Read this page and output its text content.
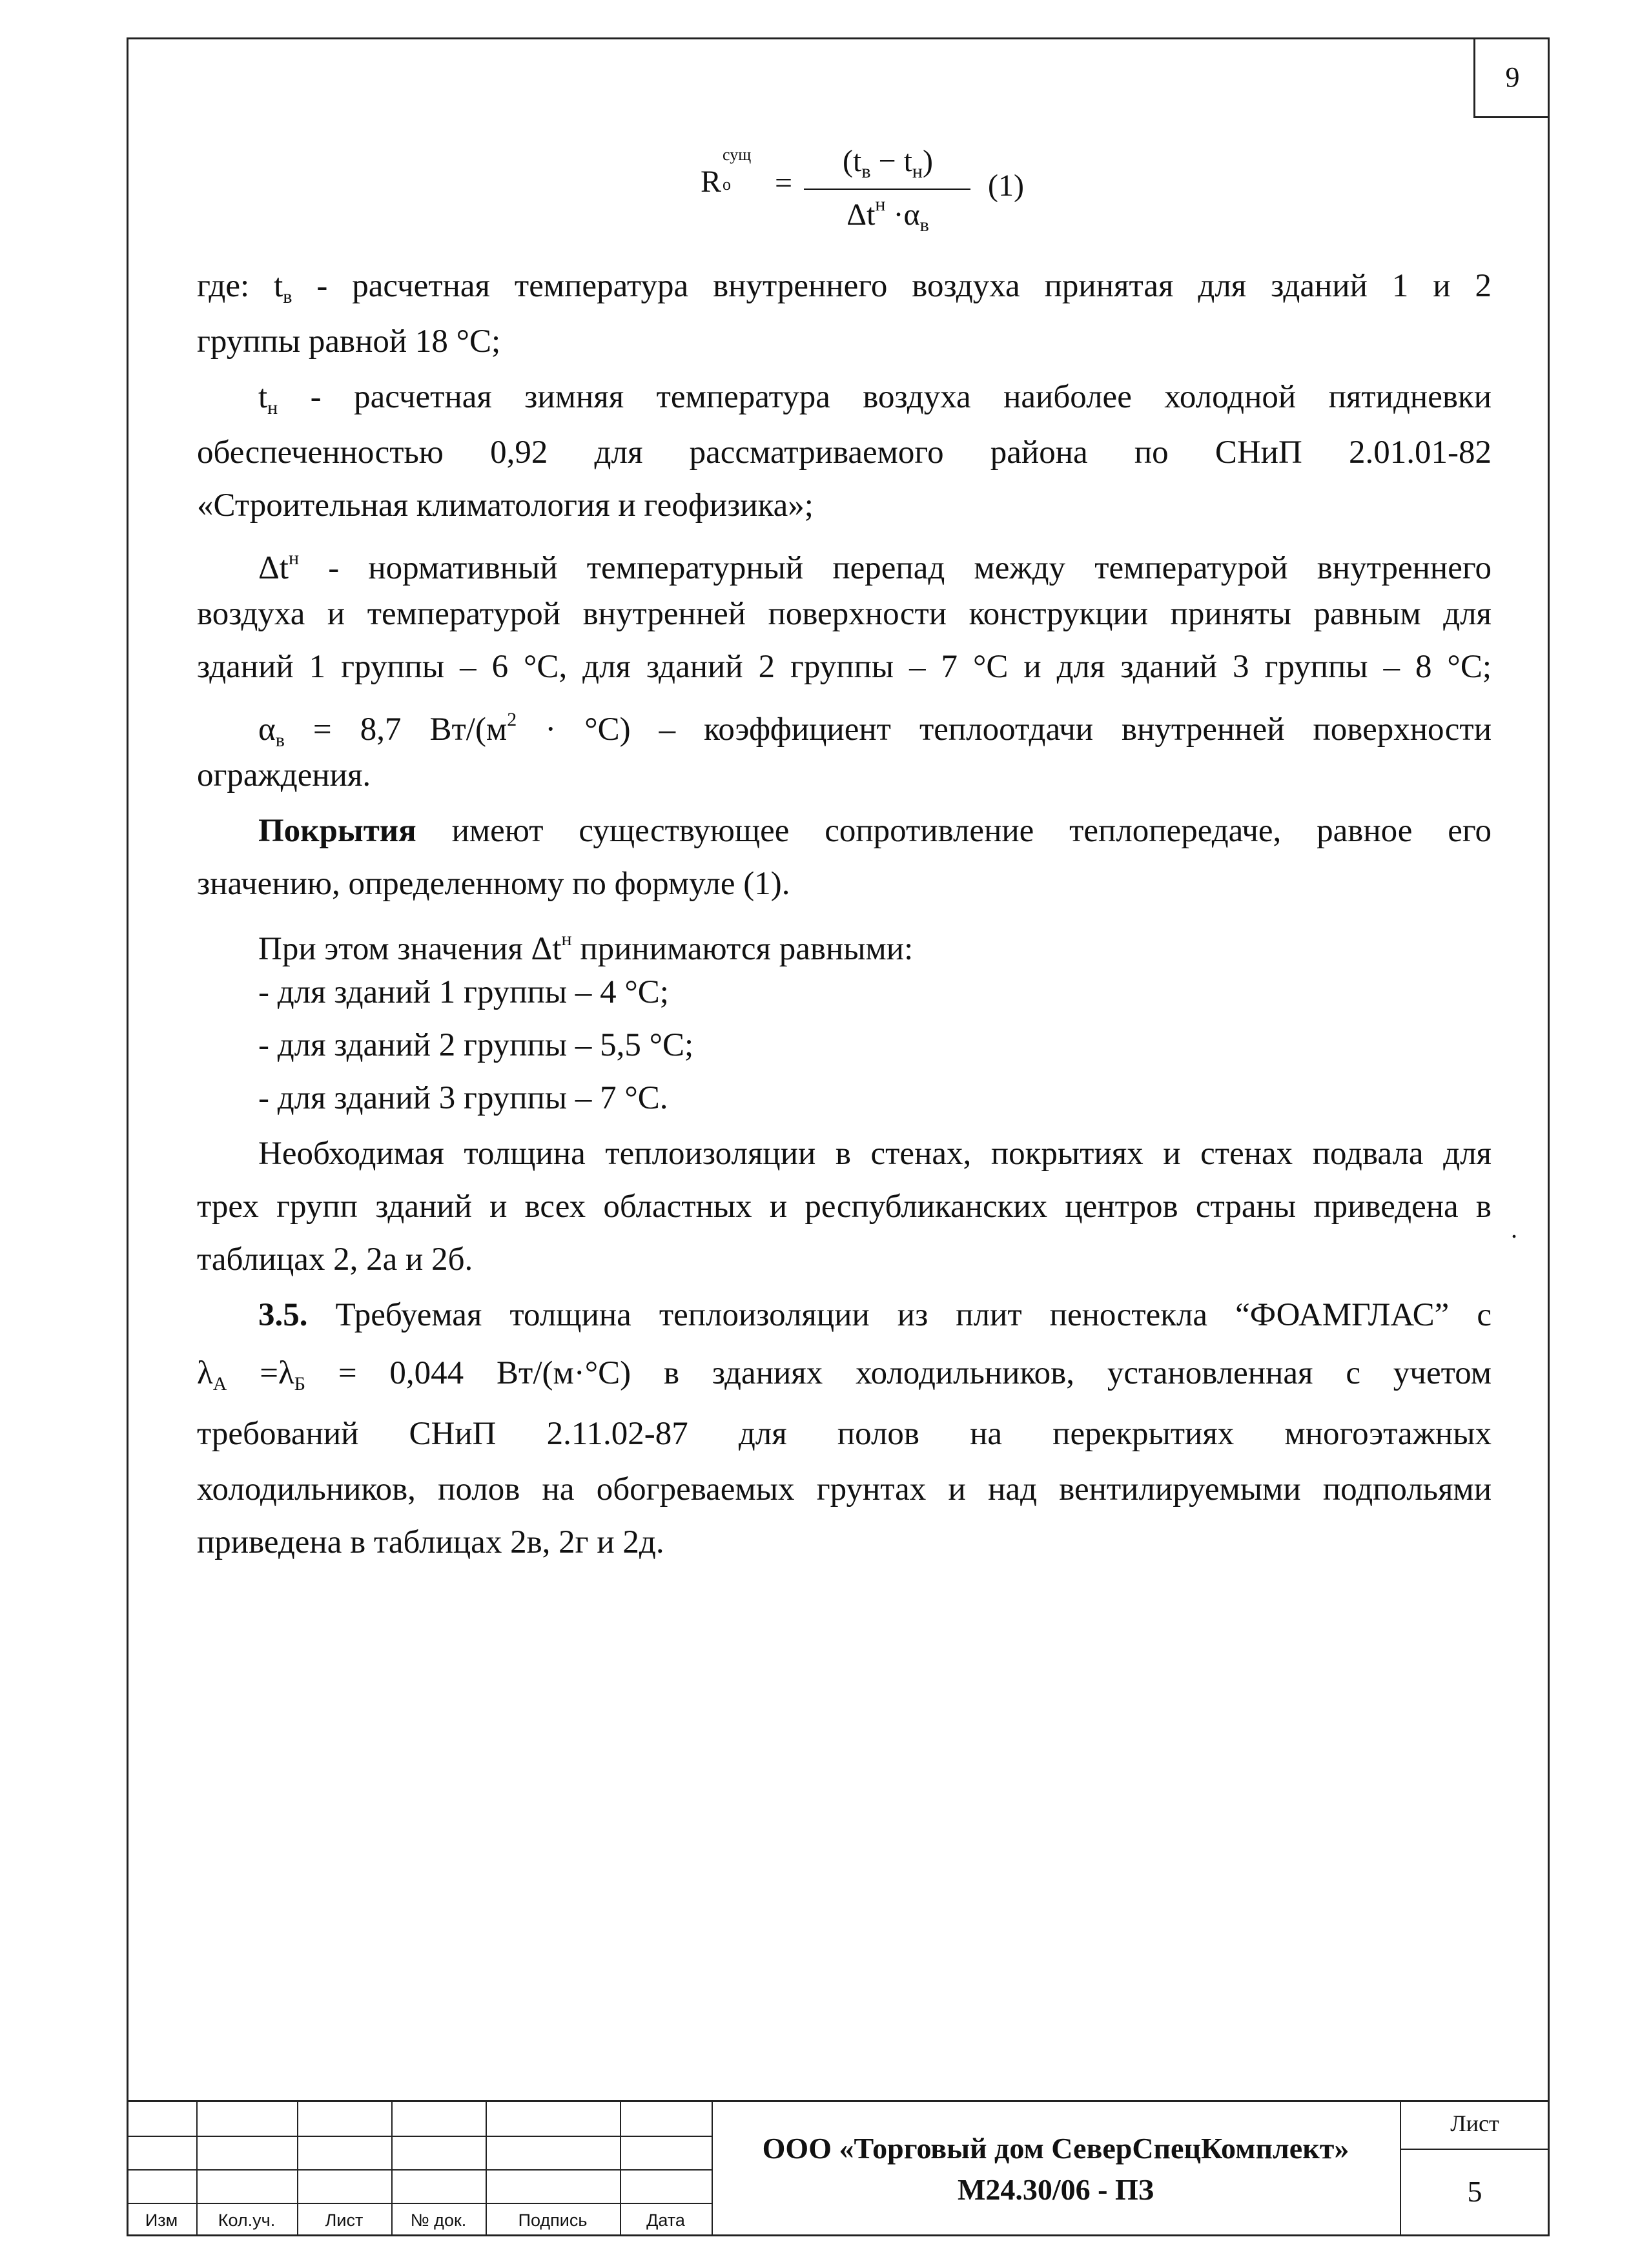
9
R
сущ
о =
$(t_в - t_н)$
$\Delta t^н \cdot\alpha_в$
(1)

где: $t_в$ - расчетная температура внутреннего воздуха принятая для зданий 1 и 2

группы равной 18 °С;

$t_н$ - расчетная зимняя температура воздуха наиболее холодной пятидневки

обеспеченностью 0,92 для рассматриваемого района по СНиП 2.01.01-82

«Строительная климатология и геофизика»;

$\Delta t^н$ - нормативный температурный перепад между температурой внутреннего

воздуха и температурой внутренней поверхности конструкции приняты равным для

зданий 1 группы – 6 °С, для зданий 2 группы – 7 °С и для зданий 3 группы – 8 °С;

$\alpha_в = 8,7$ $Вт/(м^2 \cdot ^\circ С)$ – коэффициент теплоотдачи внутренней поверхности

ограждения.

Покрытия имеют существующее сопротивление теплопередаче, равное его

значению, определенному по формуле (1).

При этом значения $\Delta t^н$ принимаются равными:

- для зданий 1 группы – 4 °С;

- для зданий 2 группы – 5,5 °С;

- для зданий 3 группы – 7 °С.

Необходимая толщина теплоизоляции в стенах, покрытиях и стенах подвала для

трех групп зданий и всех областных и республиканских центров страны приведена в

.

таблицах 2, 2а и 2б.

3.5. Требуемая толщина теплоизоляции из плит пеностекла “ФОАМГЛАС” с

$\lambda_А =\lambda_Б = 0,044$ Вт/(м·°С) в зданиях холодильников, установленная с учетом

требований СНиП 2.11.02-87 для полов на перекрытиях многоэтажных

холодильников, полов на обогреваемых грунтах и над вентилируемыми подпольями

приведена в таблицах 2в, 2г и 2д.

Изм	Кол.уч.	Лист	№ док.	Подпись	Дата
ООО «Торговый дом СеверСпецКомплект»
М24.30/06 - ПЗ
Лист
5
